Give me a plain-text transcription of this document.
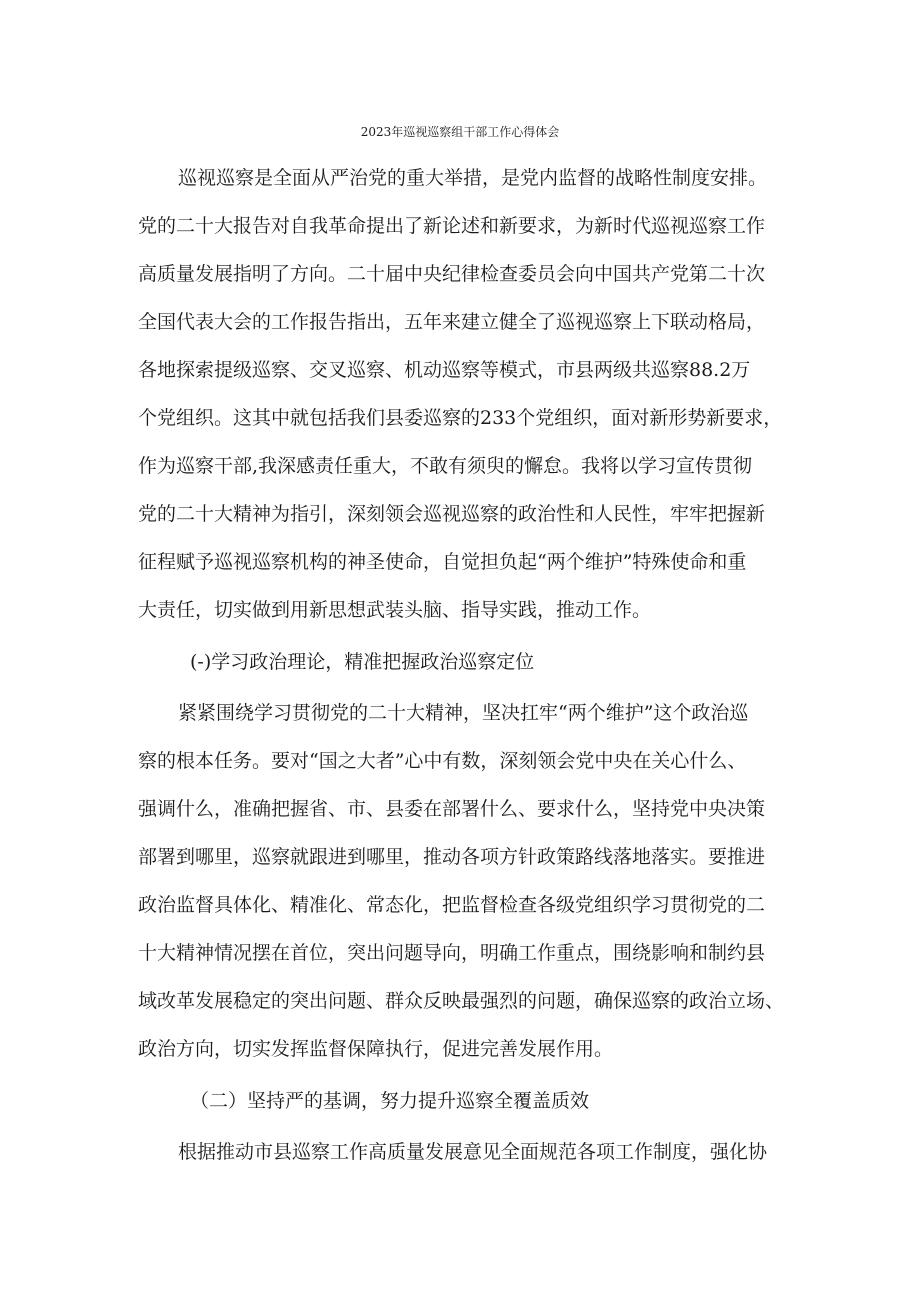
2023年巡视巡察组干部工作心得体会
巡视巡察是全面从严治党的重大举措，是党内监督的战略性制度安排。
党的二十大报告对自我革命提出了新论述和新要求，为新时代巡视巡察工作
高质量发展指明了方向。二十届中央纪律检查委员会向中国共产党第二十次
全国代表大会的工作报告指出，五年来建立健全了巡视巡察上下联动格局，
各地探索提级巡察、交叉巡察、机动巡察等模式，市县两级共巡察88.2万
个党组织。这其中就包括我们县委巡察的233个党组织，面对新形势新要求，
作为巡察干部,我深感责任重大，不敢有须臾的懈怠。我将以学习宣传贯彻
党的二十大精神为指引，深刻领会巡视巡察的政治性和人民性，牢牢把握新
征程赋予巡视巡察机构的神圣使命，自觉担负起“两个维护”特殊使命和重
大责任，切实做到用新思想武装头脑、指导实践，推动工作。
(-)学习政治理论，精准把握政治巡察定位
紧紧围绕学习贯彻党的二十大精神，坚决扛牢“两个维护”这个政治巡
察的根本任务。要对“国之大者”心中有数，深刻领会党中央在关心什么、
强调什么，准确把握省、市、县委在部署什么、要求什么，坚持党中央决策
部署到哪里，巡察就跟进到哪里，推动各项方针政策路线落地落实。要推进
政治监督具体化、精准化、常态化，把监督检查各级党组织学习贯彻党的二
十大精神情况摆在首位，突出问题导向，明确工作重点，围绕影响和制约县
域改革发展稳定的突出问题、群众反映最强烈的问题，确保巡察的政治立场、
政治方向，切实发挥监督保障执行，促进完善发展作用。
（二）坚持严的基调，努力提升巡察全覆盖质效
根据推动市县巡察工作高质量发展意见全面规范各项工作制度，强化协
